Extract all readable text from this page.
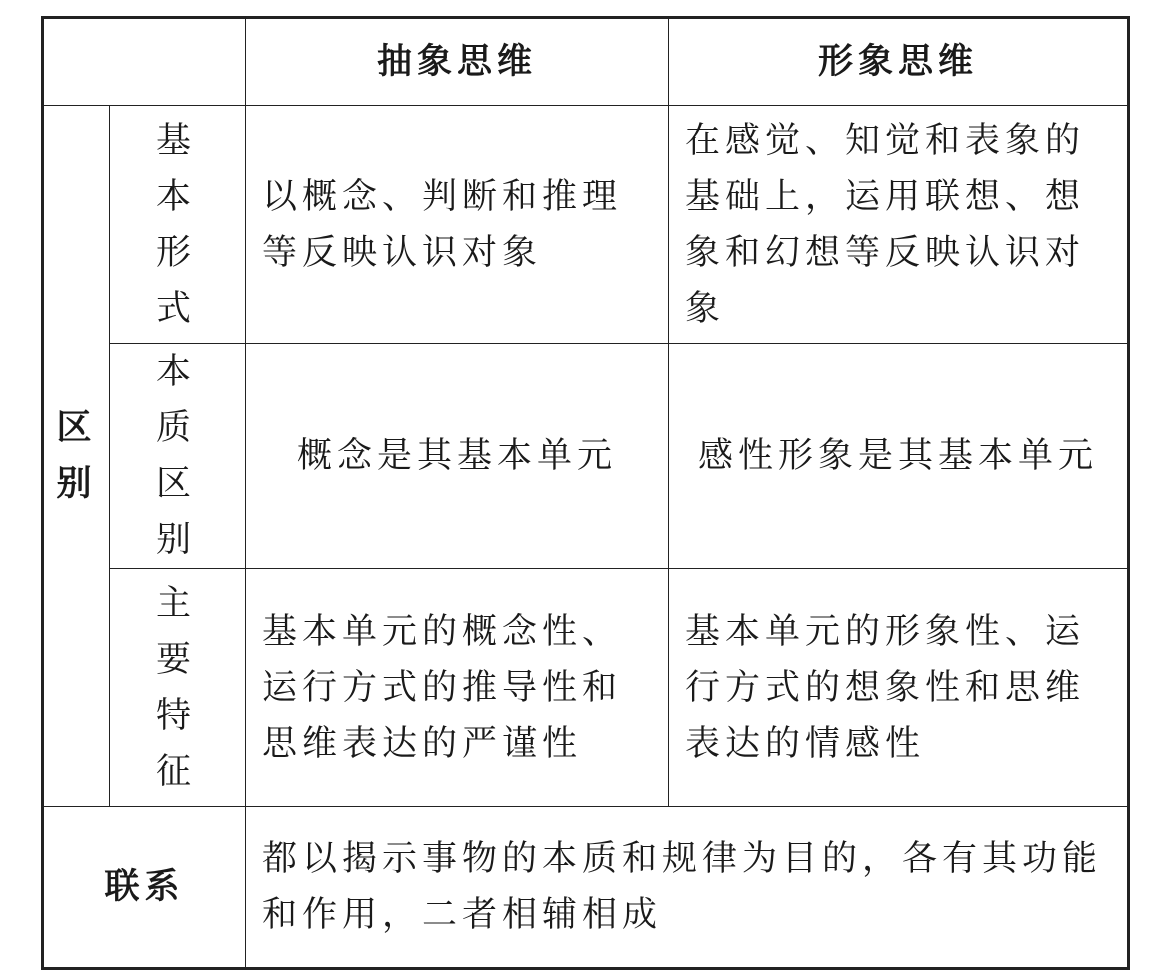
		抽象思维	形象思维

区别	基本形式	以概念、判断和推理等反映认识对象	在感觉、知觉和表象的基础上，运用联想、想象和幻想等反映认识对象

	本质区别	概念是其基本单元	感性形象是其基本单元

	主要特征	基本单元的概念性、运行方式的推导性和思维表达的严谨性	基本单元的形象性、运行方式的想象性和思维表达的情感性
联系		都以揭示事物的本质和规律为目的，各有其功能和作用，二者相辅相成	
